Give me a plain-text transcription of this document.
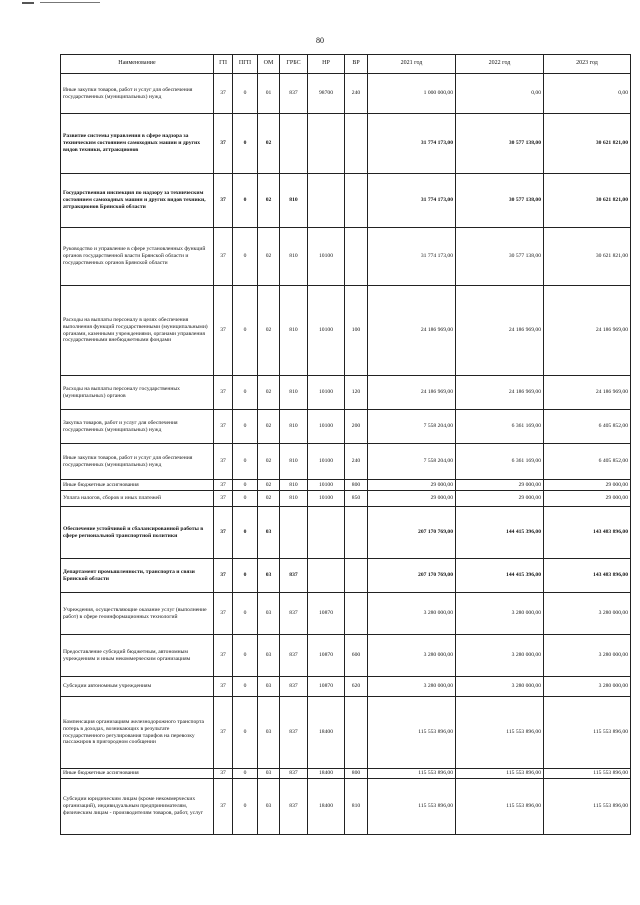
80
Наименование	ГП	ПГП	ОМ	ГРБС	НР	ВР	2021 год	2022 год	2023 год
Иные закупки товаров, работ и услуг для обеспечения государственных (муниципальных) нужд	37	0	01	837	98700	240	1 000 000,00	0,00	0,00
Развитие системы управления в сфере надзора за техническим состоянием самоходных машин и других видов техники, аттракционов	37	0	02				31 774 173,00	30 577 138,00	30 621 821,00
Государственная инспекция по надзору за техническим состоянием самоходных машин и других видов техники, аттракционов Брянской области	37	0	02	810			31 774 173,00	30 577 138,00	30 621 821,00
Руководство и управление в сфере установленных функций органов государственной власти Брянской области и государственных органов Брянской области	37	0	02	810	10100		31 774 173,00	30 577 138,00	30 621 821,00
Расходы на выплаты персоналу в целях обеспечения выполнения функций государственными (муниципальными) органами, казенными учреждениями, органами управления государственными внебюджетными фондами	37	0	02	810	10100	100	24 186 969,00	24 186 969,00	24 186 969,00
Расходы на выплаты персоналу государственных (муниципальных) органов	37	0	02	810	10100	120	24 186 969,00	24 186 969,00	24 186 969,00
Закупка товаров, работ и услуг для обеспечения государственных (муниципальных) нужд	37	0	02	810	10100	200	7 558 204,00	6 361 169,00	6 405 852,00
Иные закупки товаров, работ и услуг для обеспечения государственных (муниципальных) нужд	37	0	02	810	10100	240	7 558 204,00	6 361 169,00	6 405 852,00
Иные бюджетные ассигнования	37	0	02	810	10100	800	29 000,00	29 000,00	29 000,00
Уплата налогов, сборов и иных платежей	37	0	02	810	10100	850	29 000,00	29 000,00	29 000,00
Обеспечение устойчивой и сбалансированной работы в сфере региональной транспортной политики	37	0	03				207 170 769,00	144 415 396,00	143 483 896,00
Департамент промышленности, транспорта и связи Брянской области	37	0	03	837			207 170 769,00	144 415 396,00	143 483 896,00
Учреждения, осуществляющие оказание услуг (выполнение работ) в сфере геоинформационных технологий	37	0	03	837	10870		3 280 000,00	3 280 000,00	3 280 000,00
Предоставление субсидий бюджетным, автономным учреждениям и иным некоммерческим организациям	37	0	03	837	10870	600	3 280 000,00	3 280 000,00	3 280 000,00
Субсидии автономным учреждениям	37	0	03	837	10870	620	3 280 000,00	3 280 000,00	3 280 000,00
Компенсация организациям железнодорожного транспорта потерь в доходах, возникающих в результате государственного регулирования тарифов на перевозку пассажиров в пригородном сообщении	37	0	03	837	18400		115 553 896,00	115 553 896,00	115 553 896,00
Иные бюджетные ассигнования	37	0	03	837	18400	800	115 553 896,00	115 553 896,00	115 553 896,00
Субсидии юридическим лицам (кроме некоммерческих организаций), индивидуальным предпринимателям, физическим лицам - производителям товаров, работ, услуг	37	0	03	837	18400	810	115 553 896,00	115 553 896,00	115 553 896,00
